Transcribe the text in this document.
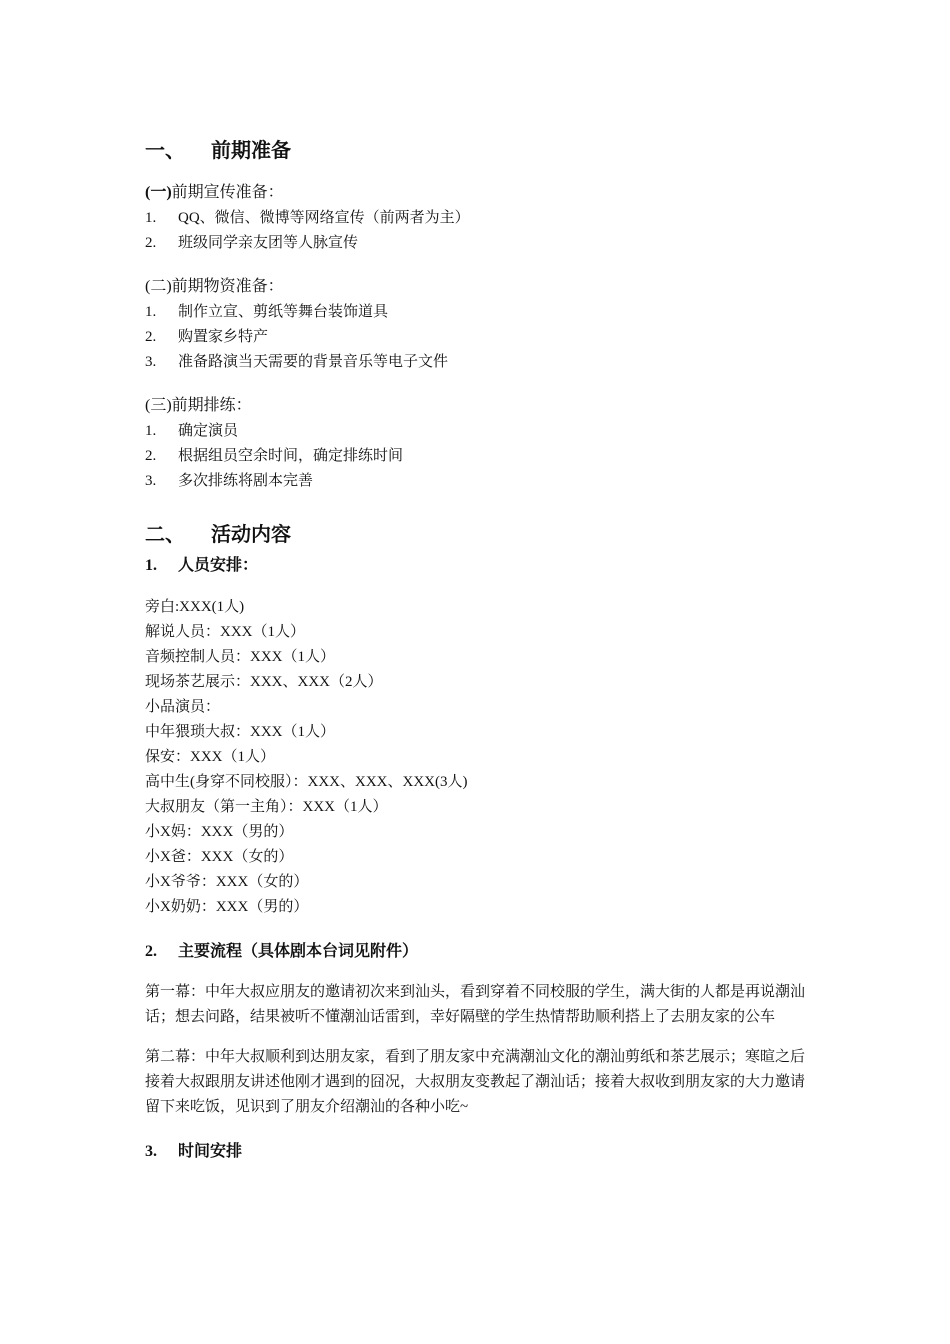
一、 前期准备
(一)前期宣传准备：
1. QQ、微信、微博等网络宣传（前两者为主）
2. 班级同学亲友团等人脉宣传
(二)前期物资准备：
1. 制作立宣、剪纸等舞台装饰道具
2. 购置家乡特产
3. 准备路演当天需要的背景音乐等电子文件
(三)前期排练：
1. 确定演员
2. 根据组员空余时间，确定排练时间
3. 多次排练将剧本完善
二、 活动内容
1. 人员安排：
旁白:XXX(1人)
解说人员：XXX（1人）
音频控制人员：XXX（1人）
现场茶艺展示：XXX、XXX（2人）
小品演员：
中年猥琐大叔：XXX（1人）
保安：XXX（1人）
高中生(身穿不同校服）：XXX、XXX、XXX(3人)
大叔朋友（第一主角）：XXX（1人）
小X妈：XXX（男的）
小X爸：XXX（女的）
小X爷爷：XXX（女的）
小X奶奶：XXX（男的）
2. 主要流程（具体剧本台词见附件）
第一幕：中年大叔应朋友的邀请初次来到汕头，看到穿着不同校服的学生，满大街的人都是再说潮汕话；想去问路，结果被听不懂潮汕话雷到，幸好隔壁的学生热情帮助顺利搭上了去朋友家的公车
第二幕：中年大叔顺利到达朋友家，看到了朋友家中充满潮汕文化的潮汕剪纸和茶艺展示；寒暄之后接着大叔跟朋友讲述他刚才遇到的囧况，大叔朋友变教起了潮汕话；接着大叔收到朋友家的大力邀请留下来吃饭，见识到了朋友介绍潮汕的各种小吃~
3. 时间安排
